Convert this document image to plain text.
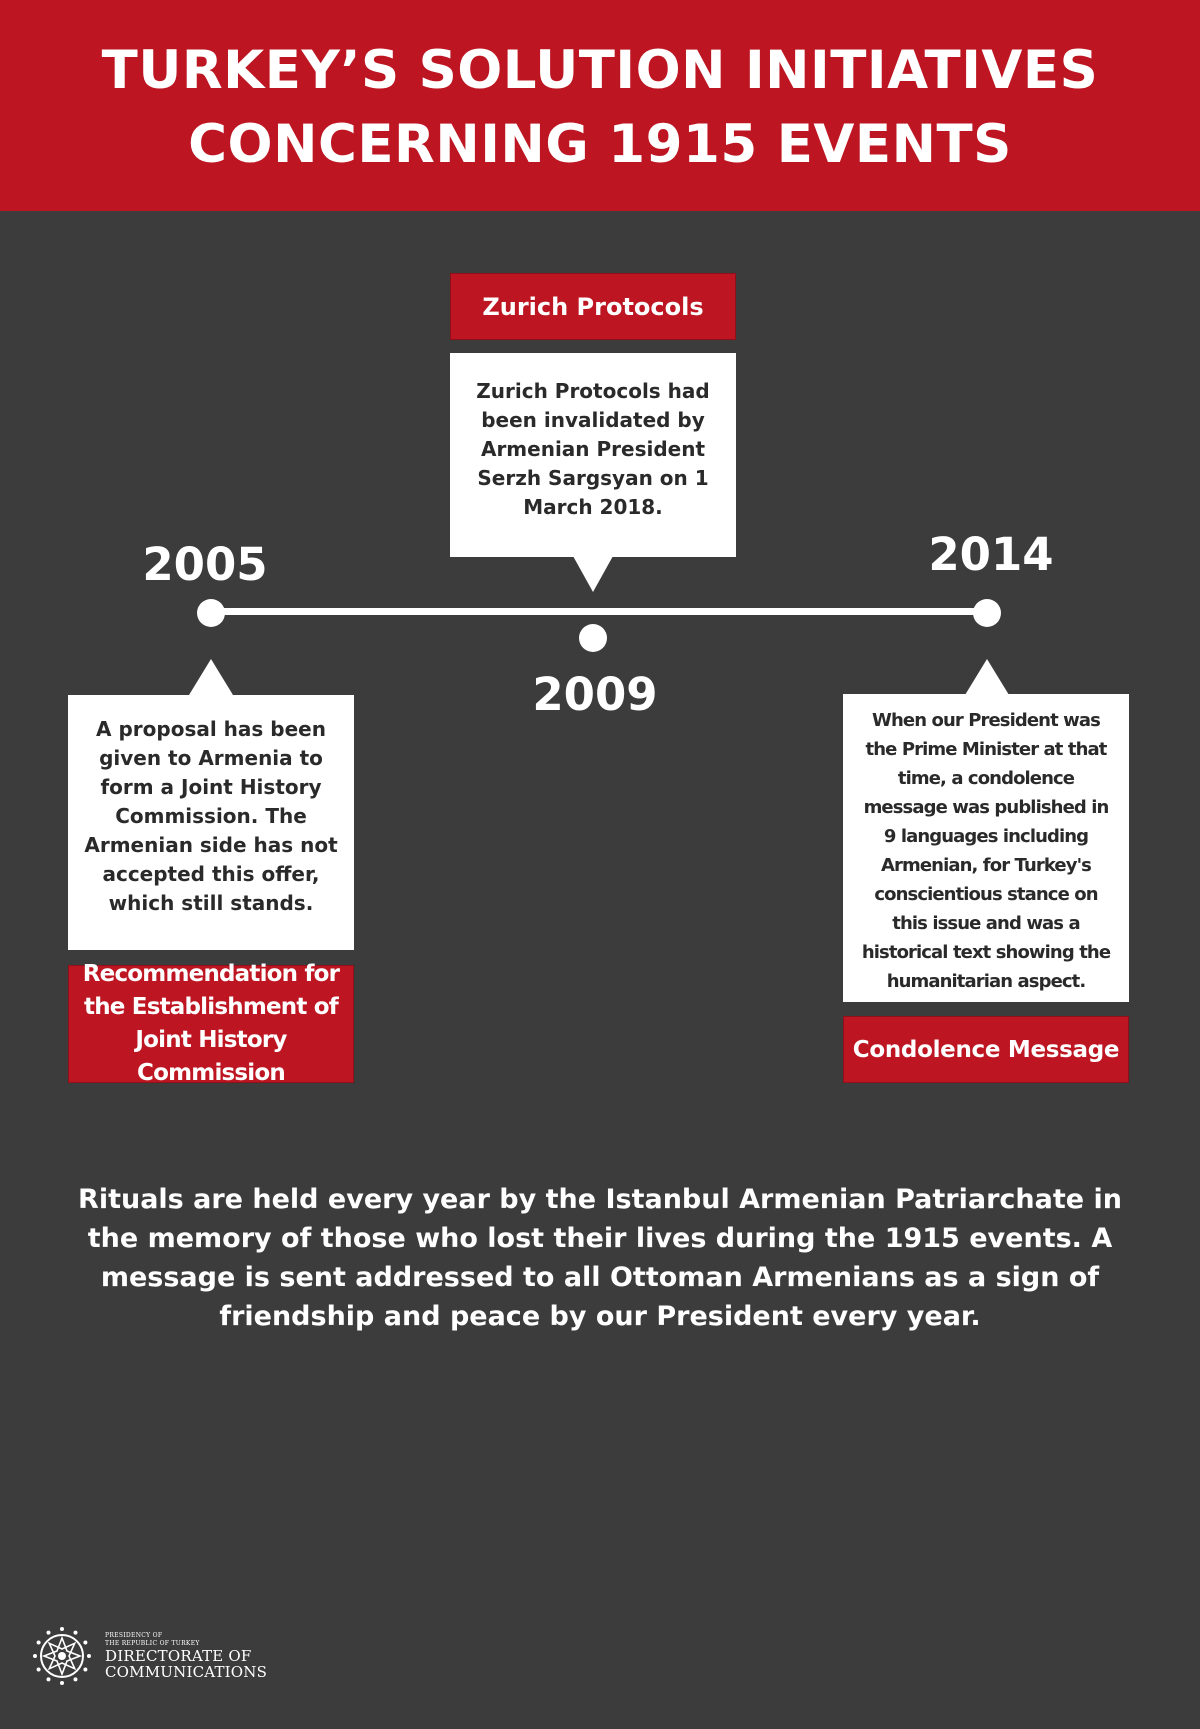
TURKEY’S SOLUTION INITIATIVES
CONCERNING 1915 EVENTS
2005
2009
2014
A proposal has been given to Armenia to form a Joint History Commission. The Armenian side has not accepted this offer, which still stands.
Recommendation for the Establishment of Joint History Commission
Zurich Protocols
Zurich Protocols had been invalidated by Armenian President Serzh Sargsyan on 1 March 2018.
When our President was the Prime Minister at that time, a condolence message was published in 9 languages including Armenian, for Turkey's conscientious stance on this issue and was a historical text showing the humanitarian aspect.
Condolence Message
Rituals are held every year by the Istanbul Armenian Patriarchate in the memory of those who lost their lives during the 1915 events. A message is sent addressed to all Ottoman Armenians as a sign of friendship and peace by our President every year.
PRESIDENCY OF
THE REPUBLIC OF TURKEY
DIRECTORATE OF
COMMUNICATIONS
